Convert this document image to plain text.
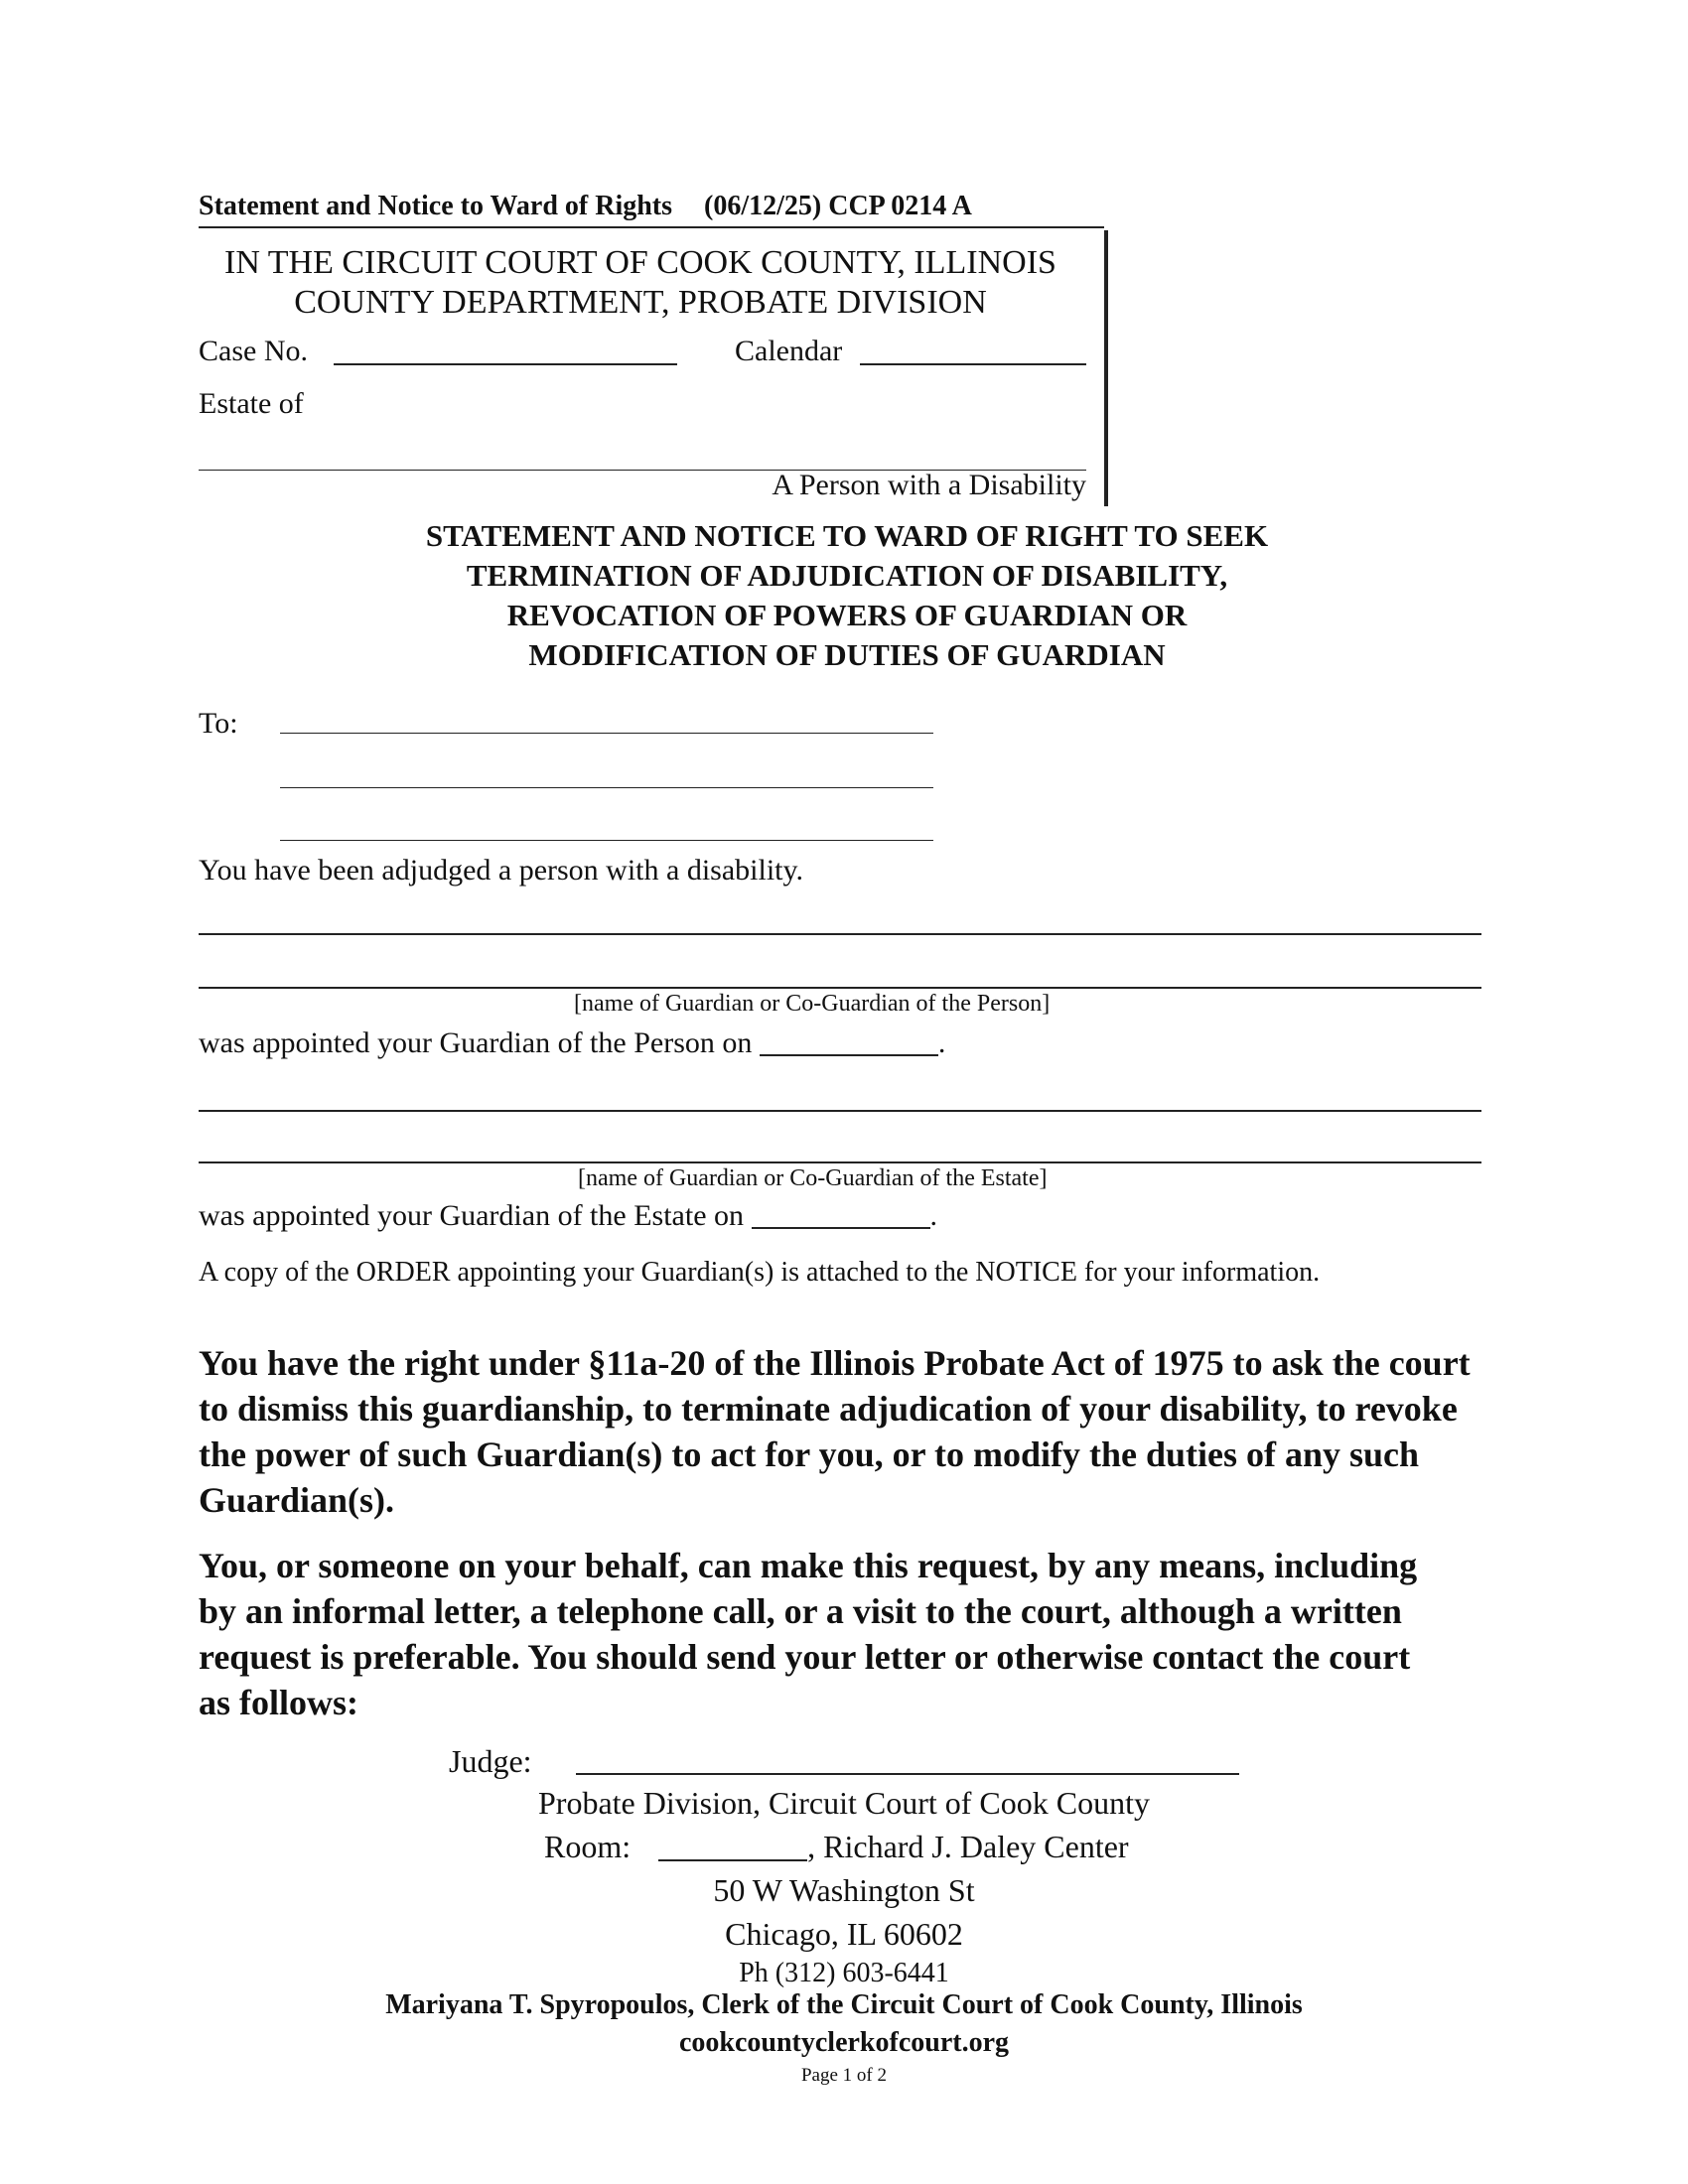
Statement and Notice to Ward of Rights (06/12/25) CCP 0214 A
IN THE CIRCUIT COURT OF COOK COUNTY, ILLINOIS
COUNTY DEPARTMENT, PROBATE DIVISION
Case No.	Calendar
Estate of
A Person with a Disability
STATEMENT AND NOTICE TO WARD OF RIGHT TO SEEK
TERMINATION OF ADJUDICATION OF DISABILITY,
REVOCATION OF POWERS OF GUARDIAN OR
MODIFICATION OF DUTIES OF GUARDIAN
To:
You have been adjudged a person with a disability.
[name of Guardian or Co-Guardian of the Person]
was appointed your Guardian of the Person on	.
[name of Guardian or Co-Guardian of the Estate]
was appointed your Guardian of the Estate on	.
A copy of the ORDER appointing your Guardian(s) is attached to the NOTICE for your information.
You have the right under §11a-20 of the Illinois Probate Act of 1975 to ask the court to dismiss this guardianship, to terminate adjudication of your disability, to revoke the power of such Guardian(s) to act for you, or to modify the duties of any such Guardian(s).
You, or someone on your behalf, can make this request, by any means, including by an informal letter, a telephone call, or a visit to the court, although a written request is preferable. You should send your letter or otherwise contact the court as follows:
Judge:
Probate Division, Circuit Court of Cook County
Room:	, Richard J. Daley Center
50 W Washington St
Chicago, IL 60602
Ph (312) 603-6441
Mariyana T. Spyropoulos, Clerk of the Circuit Court of Cook County, Illinois
cookcountyclerkofcourt.org
Page 1 of 2
